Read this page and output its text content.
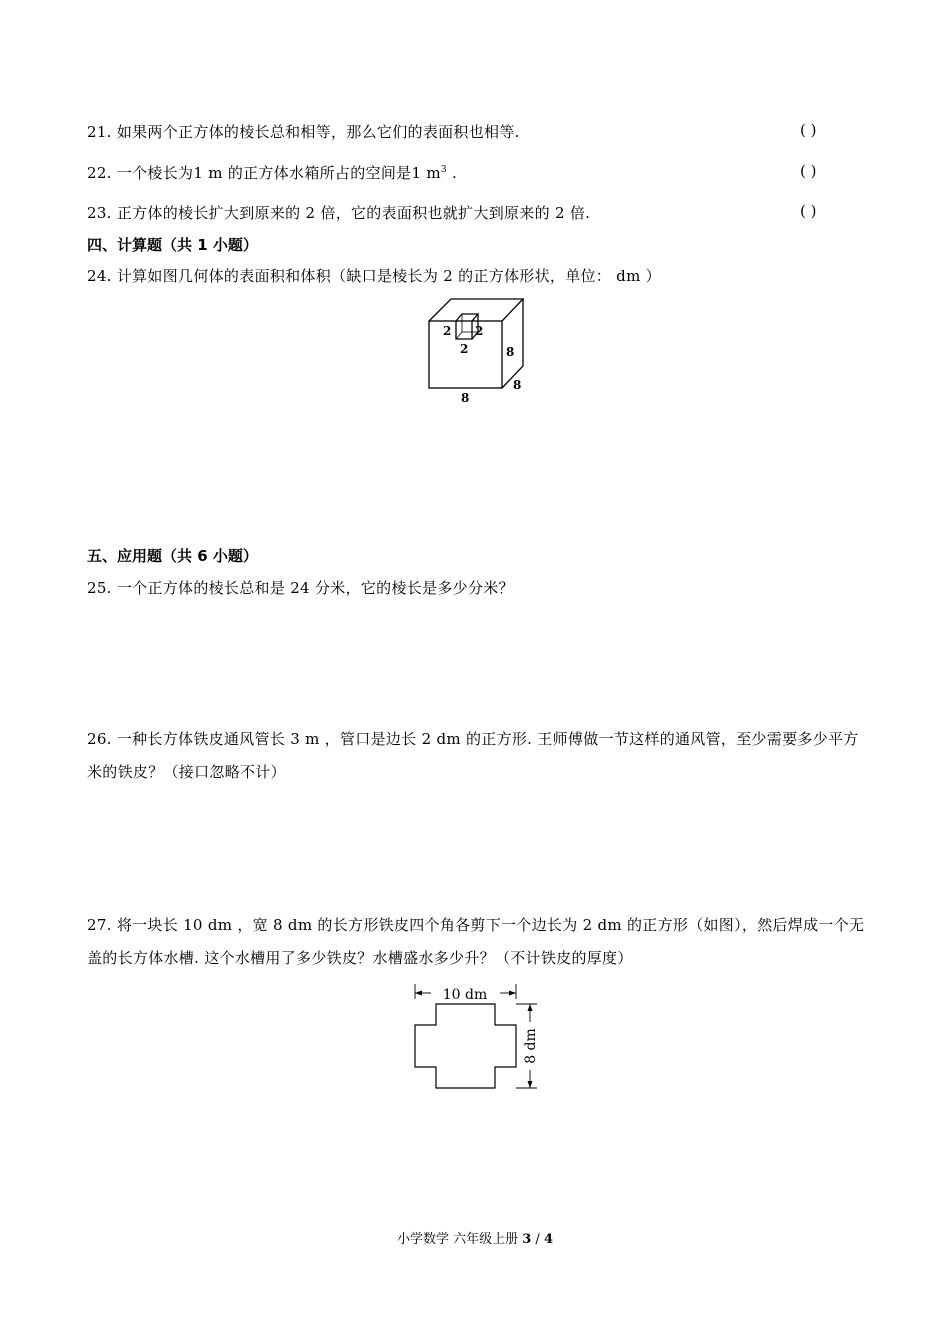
21. 如果两个正方体的棱长总和相等，那么它们的表面积也相等.	( )
22. 一个棱长为1 m 的正方体水箱所占的空间是1 $m^3$ .	( )
23. 正方体的棱长扩大到原来的 2 倍，它的表面积也就扩大到原来的 2 倍.	( )
四、计算题（共 1 小题）
24. 计算如图几何体的表面积和体积（缺口是棱长为 2 的正方体形状，单位： dm ）
2 2
2	8
8
8
五、应用题（共 6 小题）
25. 一个正方体的棱长总和是 24 分米，它的棱长是多少分米？
26. 一种长方体铁皮通风管长 3 m ，管口是边长 2 dm 的正方形. 王师傅做一节这样的通风管，至少需要多少平方米的铁皮？（接口忽略不计）
27. 将一块长 10 dm ，宽 8 dm 的长方形铁皮四个角各剪下一个边长为 2 dm 的正方形（如图），然后焊成一个无盖的长方体水槽. 这个水槽用了多少铁皮？水槽盛水多少升？（不计铁皮的厚度）
10 dm
8 dm
小学数学 六年级上册 3 / 4
